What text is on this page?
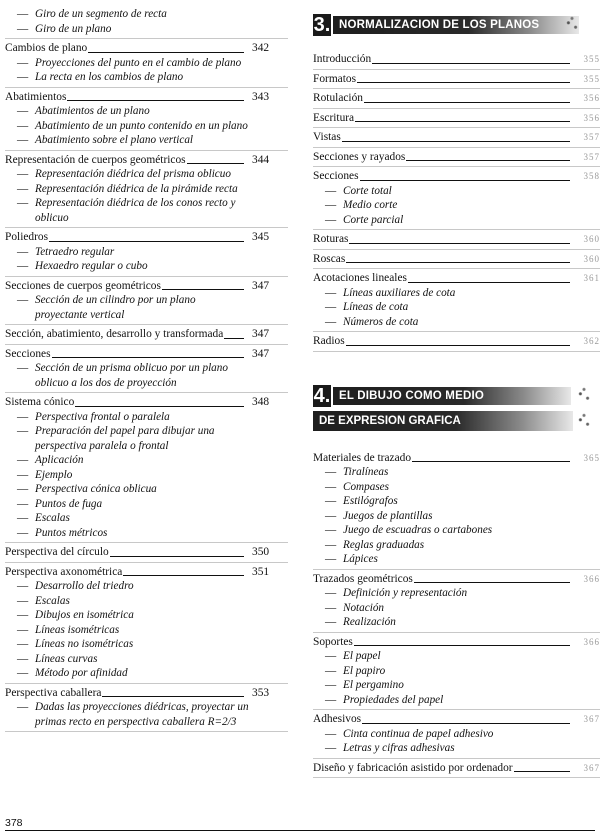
— Giro de un segmento de recta
— Giro de un plano
Cambios de plano	342
— Proyecciones del punto en el cambio de plano
— La recta en los cambios de plano
Abatimientos	343
— Abatimientos de un plano
— Abatimiento de un punto contenido en un plano
— Abatimiento sobre el plano vertical
Representación de cuerpos geométricos	344
— Representación diédrica del prisma oblicuo
— Representación diédrica de la pirámide recta
— Representación diédrica de los conos recto y oblicuo
Poliedros	345
— Tetraedro regular
— Hexaedro regular o cubo
Secciones de cuerpos geométricos	347
— Sección de un cilindro por un plano proyectante vertical
Sección, abatimiento, desarrollo y transformada	347
Secciones	347
— Sección de un prisma oblicuo por un plano oblicuo a los dos de proyección
Sistema cónico	348
— Perspectiva frontal o paralela
— Preparación del papel para dibujar una perspectiva paralela o frontal
— Aplicación
— Ejemplo
— Perspectiva cónica oblicua
— Puntos de fuga
— Escalas
— Puntos métricos
Perspectiva del círculo	350
Perspectiva axonométrica	351
— Desarrollo del triedro
— Escalas
— Dibujos en isométrica
— Líneas isométricas
— Líneas no isométricas
— Líneas curvas
— Método por afinidad
Perspectiva caballera	353
— Dadas las proyecciones diédricas, proyectar un primas recto en perspectiva caballera R=2/3
3. NORMALIZACION DE LOS PLANOS
Introducción	355
Formatos	355
Rotulación	356
Escritura	356
Vistas	357
Secciones y rayados	357
Secciones	358
— Corte total
— Medio corte
— Corte parcial
Roturas	360
Roscas	360
Acotaciones lineales	361
— Líneas auxiliares de cota
— Líneas de cota
— Números de cota
Radios	362
4. EL DIBUJO COMO MEDIO
DE EXPRESION GRAFICA
Materiales de trazado	365
— Tiralíneas
— Compases
— Estilógrafos
— Juegos de plantillas
— Juego de escuadras o cartabones
— Reglas graduadas
— Lápices
Trazados geométricos	366
— Definición y representación
— Notación
— Realización
Soportes	366
— El papel
— El papiro
— El pergamino
— Propiedades del papel
Adhesivos	367
— Cinta continua de papel adhesivo
— Letras y cifras adhesivas
Diseño y fabricación asistido por ordenador	367
378
